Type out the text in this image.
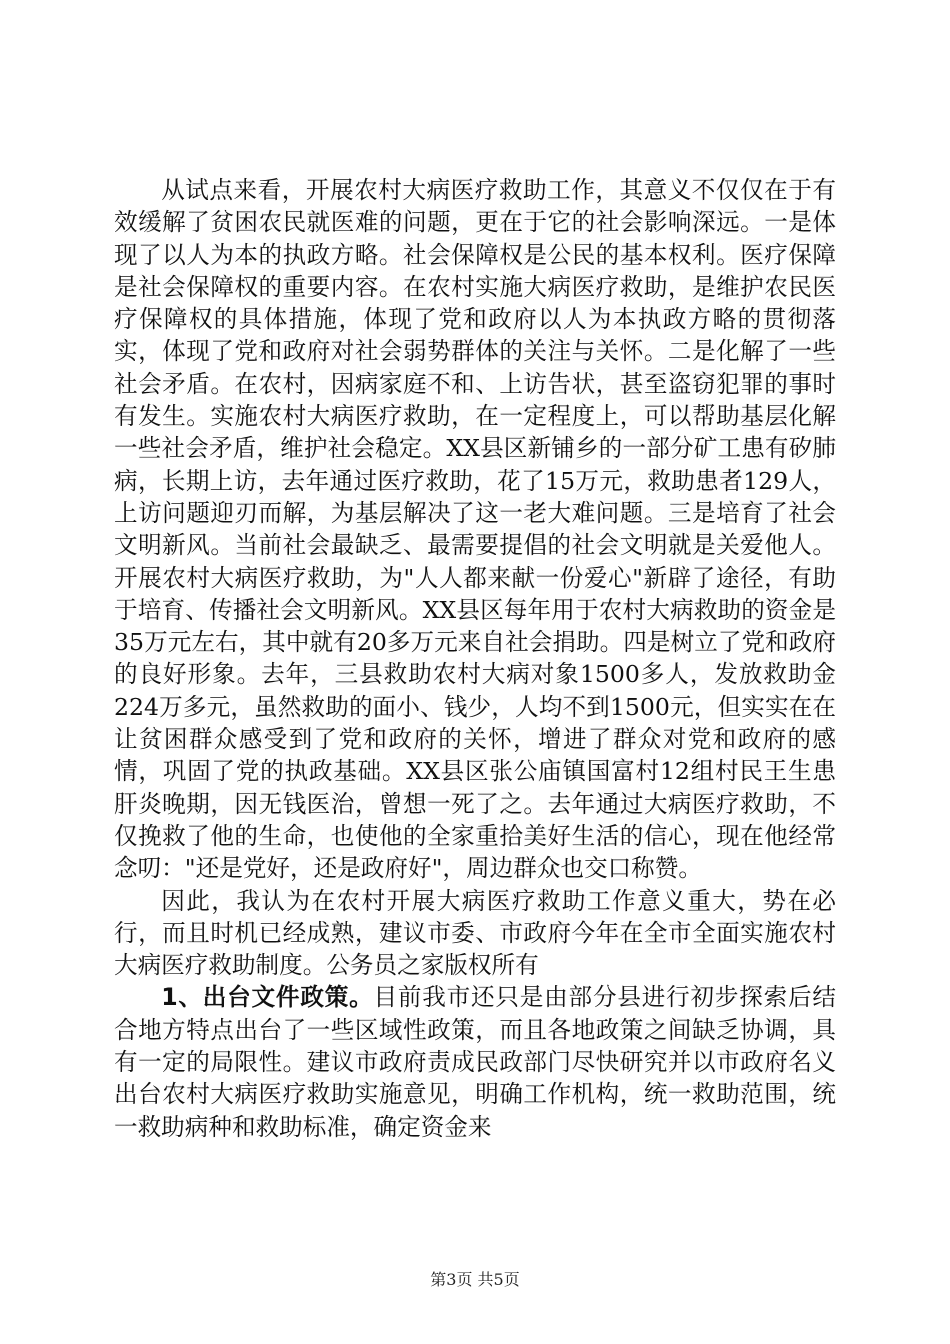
从试点来看，开展农村大病医疗救助工作，其意义不仅仅在于有效缓解了贫困农民就医难的问题，更在于它的社会影响深远。一是体现了以人为本的执政方略。社会保障权是公民的基本权利。医疗保障是社会保障权的重要内容。在农村实施大病医疗救助，是维护农民医疗保障权的具体措施，体现了党和政府以人为本执政方略的贯彻落实，体现了党和政府对社会弱势群体的关注与关怀。二是化解了一些社会矛盾。在农村，因病家庭不和、上访告状，甚至盗窃犯罪的事时有发生。实施农村大病医疗救助，在一定程度上，可以帮助基层化解一些社会矛盾，维护社会稳定。XX县区新铺乡的一部分矿工患有矽肺病，长期上访，去年通过医疗救助，花了15万元，救助患者129人，上访问题迎刃而解，为基层解决了这一老大难问题。三是培育了社会文明新风。当前社会最缺乏、最需要提倡的社会文明就是关爱他人。开展农村大病医疗救助，为"人人都来献一份爱心"新辟了途径，有助于培育、传播社会文明新风。XX县区每年用于农村大病救助的资金是35万元左右，其中就有20多万元来自社会捐助。四是树立了党和政府的良好形象。去年，三县救助农村大病对象1500多人，发放救助金224万多元，虽然救助的面小、钱少，人均不到1500元，但实实在在让贫困群众感受到了党和政府的关怀，增进了群众对党和政府的感情，巩固了党的执政基础。XX县区张公庙镇国富村12组村民王生患肝炎晚期，因无钱医治，曾想一死了之。去年通过大病医疗救助，不仅挽救了他的生命，也使他的全家重拾美好生活的信心，现在他经常念叨："还是党好，还是政府好"，周边群众也交口称赞。

因此，我认为在农村开展大病医疗救助工作意义重大，势在必行，而且时机已经成熟，建议市委、市政府今年在全市全面实施农村大病医疗救助制度。公务员之家版权所有

1、出台文件政策。目前我市还只是由部分县进行初步探索后结合地方特点出台了一些区域性政策，而且各地政策之间缺乏协调，具有一定的局限性。建议市政府责成民政部门尽快研究并以市政府名义出台农村大病医疗救助实施意见，明确工作机构，统一救助范围，统一救助病种和救助标准，确定资金来

第3页 共5页
